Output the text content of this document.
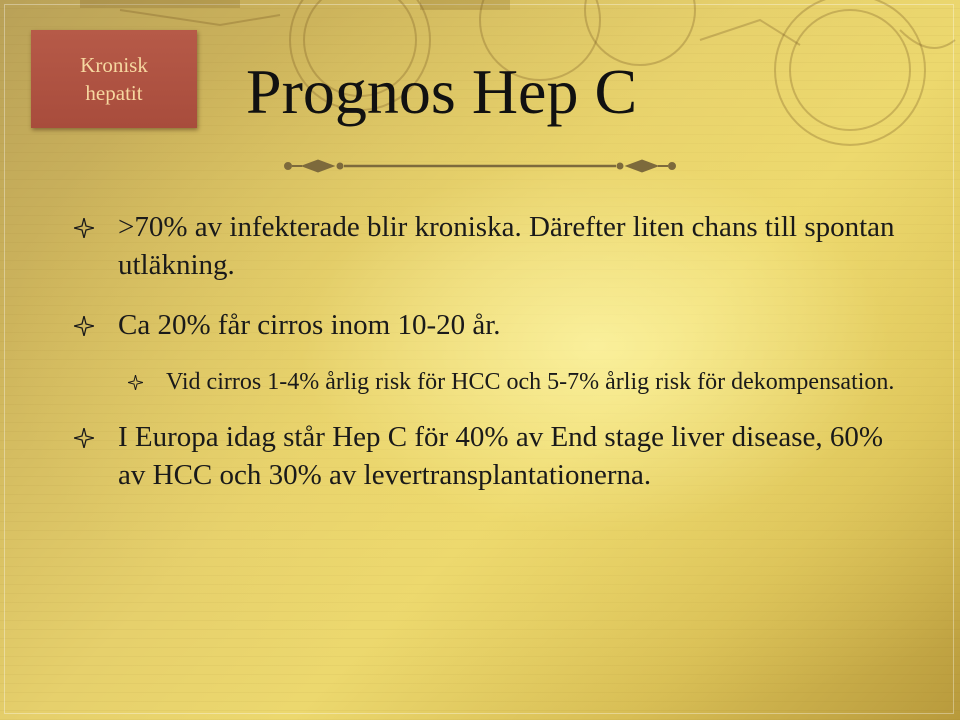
Kronisk
hepatit Prognos Hep C
>70% av infekterade blir kroniska. Därefter liten chans till spontan utläkning.
Ca 20% får cirros inom 10-20 år.
Vid cirros 1-4% årlig risk för HCC och 5-7% årlig risk för dekompensation.
I Europa idag står Hep C för 40% av End stage liver disease, 60% av HCC och 30% av levertransplantationerna.
